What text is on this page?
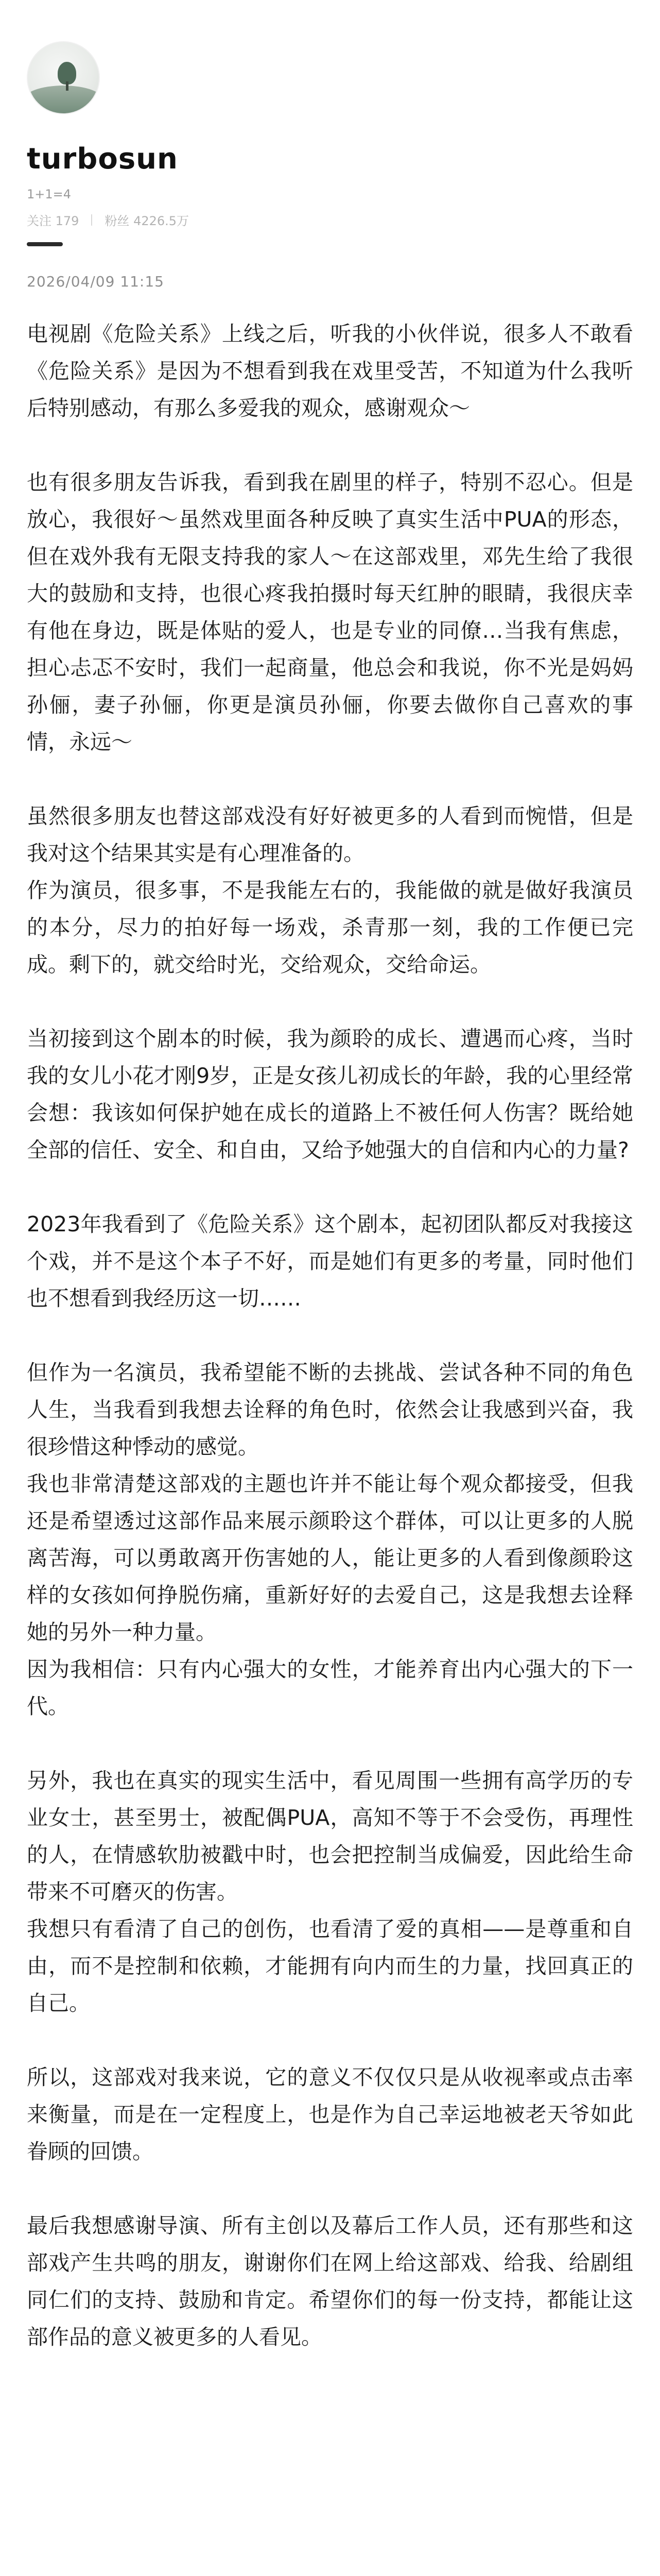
turbosun
1+1=4
关注 179 粉丝 4226.5万
2026/04/09 11:15

电视剧《危险关系》上线之后，听我的小伙伴说，很多人不敢看《危险关系》是因为不想看到我在戏里受苦，不知道为什么我听后特别感动，有那么多爱我的观众，感谢观众～

也有很多朋友告诉我，看到我在剧里的样子，特别不忍心。但是放心，我很好～虽然戏里面各种反映了真实生活中PUA的形态，但在戏外我有无限支持我的家人～在这部戏里，邓先生给了我很大的鼓励和支持，也很心疼我拍摄时每天红肿的眼睛，我很庆幸有他在身边，既是体贴的爱人，也是专业的同僚…当我有焦虑，担心忐忑不安时，我们一起商量，他总会和我说，你不光是妈妈孙俪，妻子孙俪，你更是演员孙俪，你要去做你自己喜欢的事情，永远～

虽然很多朋友也替这部戏没有好好被更多的人看到而惋惜，但是我对这个结果其实是有心理准备的。

作为演员，很多事，不是我能左右的，我能做的就是做好我演员的本分，尽力的拍好每一场戏，杀青那一刻，我的工作便已完成。剩下的，就交给时光，交给观众，交给命运。

当初接到这个剧本的时候，我为颜聆的成长、遭遇而心疼，当时我的女儿小花才刚9岁，正是女孩儿初成长的年龄，我的心里经常会想：我该如何保护她在成长的道路上不被任何人伤害？既给她全部的信任、安全、和自由，又给予她强大的自信和内心的力量?

2023年我看到了《危险关系》这个剧本，起初团队都反对我接这个戏，并不是这个本子不好，而是她们有更多的考量，同时他们也不想看到我经历这一切……

但作为一名演员，我希望能不断的去挑战、尝试各种不同的角色人生，当我看到我想去诠释的角色时，依然会让我感到兴奋，我很珍惜这种悸动的感觉。

我也非常清楚这部戏的主题也许并不能让每个观众都接受，但我还是希望透过这部作品来展示颜聆这个群体，可以让更多的人脱离苦海，可以勇敢离开伤害她的人，能让更多的人看到像颜聆这样的女孩如何挣脱伤痛，重新好好的去爱自己，这是我想去诠释她的另外一种力量。

因为我相信：只有内心强大的女性，才能养育出内心强大的下一代。

另外，我也在真实的现实生活中，看见周围一些拥有高学历的专业女士，甚至男士，被配偶PUA，高知不等于不会受伤，再理性的人，在情感软肋被戳中时，也会把控制当成偏爱，因此给生命带来不可磨灭的伤害。

我想只有看清了自己的创伤，也看清了爱的真相——是尊重和自由，而不是控制和依赖，才能拥有向内而生的力量，找回真正的自己。

所以，这部戏对我来说，它的意义不仅仅只是从收视率或点击率来衡量，而是在一定程度上，也是作为自己幸运地被老天爷如此眷顾的回馈。

最后我想感谢导演、所有主创以及幕后工作人员，还有那些和这部戏产生共鸣的朋友，谢谢你们在网上给这部戏、给我、给剧组同仁们的支持、鼓励和肯定。希望你们的每一份支持，都能让这部作品的意义被更多的人看见。
